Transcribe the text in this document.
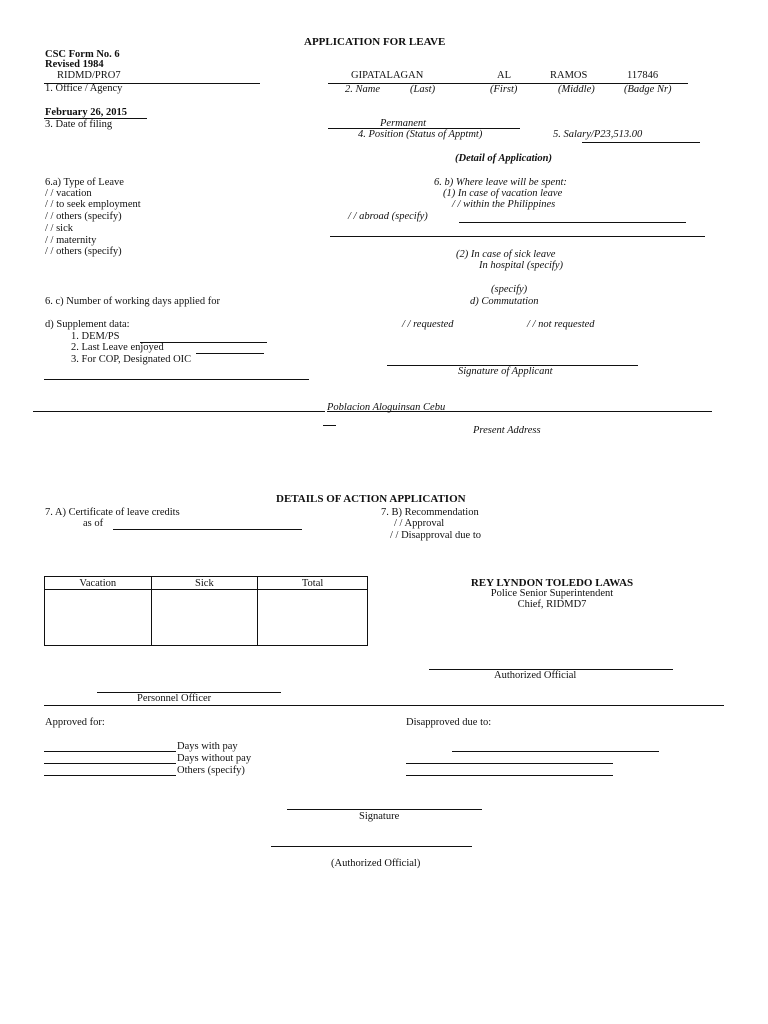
APPLICATION FOR LEAVE
CSC Form No. 6
Revised 1984
RIDMD/PRO7
1. Office / Agency
GIPATALAGAN	AL	RAMOS	117846
2. Name	(Last)	(First)	(Middle)	(Badge Nr)
February 26, 2015
3. Date of filing	Permanent
4. Position (Status of Apptmt)	5. Salary/P23,513.00
(Detail of Application)
6.a) Type of Leave
/ / vacation
/ / to seek employment
/ / others (specify)
/ / sick
/ / maternity
/ / others (specify)
6. b) Where leave will be spent:
(1) In case of vacation leave
/ / within the Philippines
/ / abroad (specify)
(2) In case of sick leave
In hospital (specify)
(specify)
6. c) Number of working days applied for	d) Commutation
d) Supplement data:	/ / requested	/ / not requested
1. DEM/PS
2. Last Leave enjoyed
3. For COP, Designated OIC
Signature of Applicant
Poblacion Aloguinsan Cebu
Present Address
DETAILS OF ACTION APPLICATION
7. A) Certificate of leave credits
as of
7. B) Recommendation
/ / Approval
/ / Disapproval due to
Vacation	Sick	Total
			REY LYNDON TOLEDO LAWAS
Police Senior Superintendent
Chief, RIDMD7
Authorized Official
Personnel Officer
Approved for:	Disapproved due to:
Days with pay
Days without pay
Others (specify)
Signature
(Authorized Official)
